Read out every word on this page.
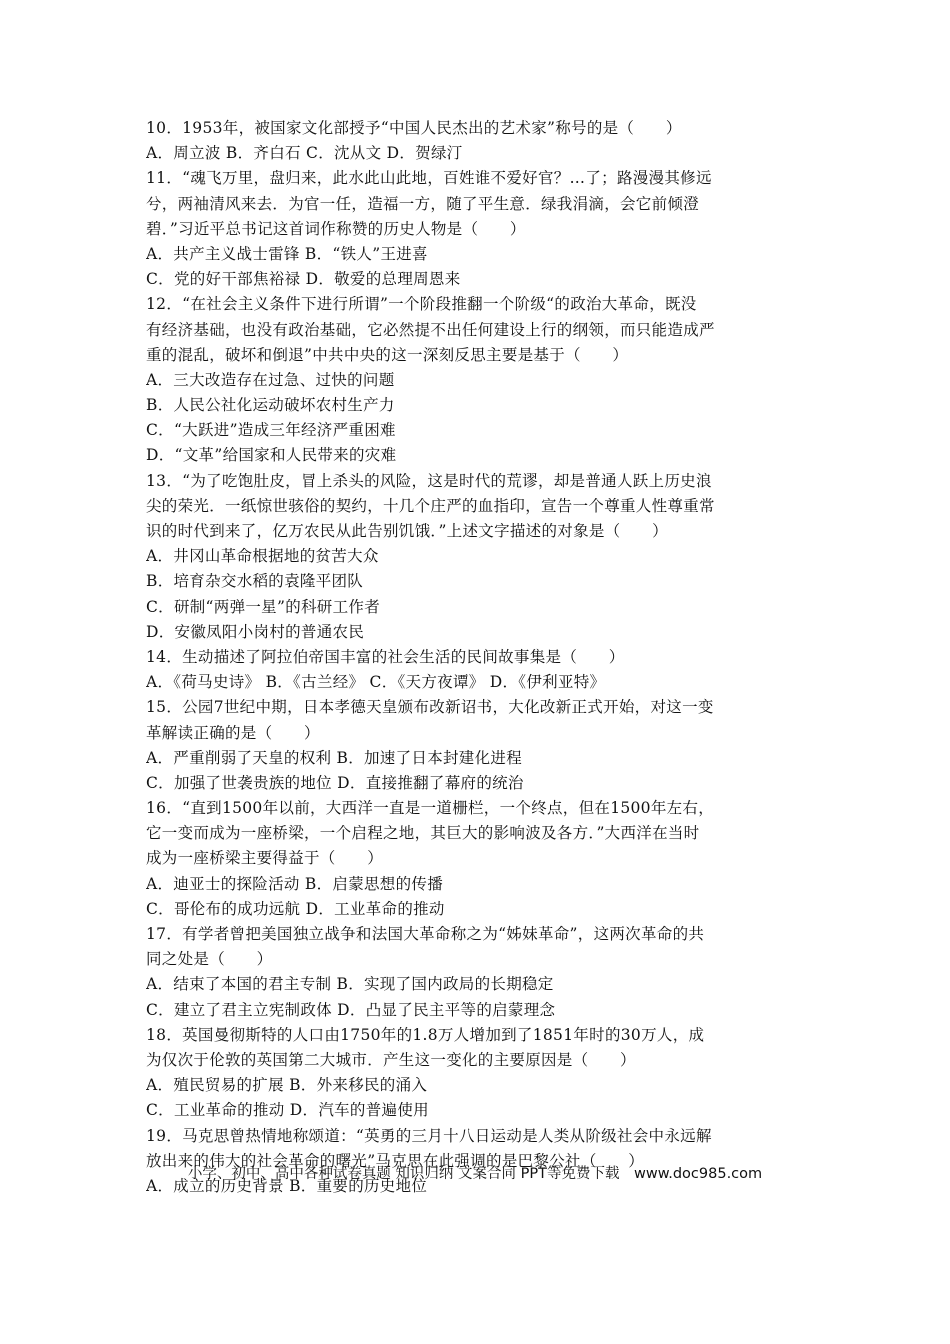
10．1953年，被国家文化部授予“中国人民杰出的艺术家”称号的是（　　）
A．周立波 B．齐白石 C．沈从文 D．贺绿汀
11．“魂飞万里，盘归来，此水此山此地，百姓谁不爱好官？…了；路漫漫其修远
兮，两袖清风来去．为官一任，造福一方，随了平生意．绿我涓滴，会它前倾澄
碧．”习近平总书记这首词作称赞的历史人物是（　　）
A．共产主义战士雷锋 B．“铁人”王进喜
C．党的好干部焦裕禄 D．敬爱的总理周恩来
12．“在社会主义条件下进行所谓”一个阶段推翻一个阶级“的政治大革命，既没
有经济基础，也没有政治基础，它必然提不出任何建设上行的纲领，而只能造成严
重的混乱，破坏和倒退”中共中央的这一深刻反思主要是基于（　　）
A．三大改造存在过急、过快的问题
B．人民公社化运动破坏农村生产力
C．“大跃进”造成三年经济严重困难
D．“文革”给国家和人民带来的灾难
13．“为了吃饱肚皮，冒上杀头的风险，这是时代的荒谬，却是普通人跃上历史浪
尖的荣光．一纸惊世骇俗的契约，十几个庄严的血指印，宣告一个尊重人性尊重常
识的时代到来了，亿万农民从此告别饥饿．”上述文字描述的对象是（　　）
A．井冈山革命根据地的贫苦大众
B．培育杂交水稻的袁隆平团队
C．研制“两弹一星”的科研工作者
D．安徽凤阳小岗村的普通农民
14．生动描述了阿拉伯帝国丰富的社会生活的民间故事集是（　　）
A．《荷马史诗》 B．《古兰经》 C．《天方夜谭》 D．《伊利亚特》
15．公园7世纪中期，日本孝德天皇颁布改新诏书，大化改新正式开始，对这一变
革解读正确的是（　　）
A．严重削弱了天皇的权利 B．加速了日本封建化进程
C．加强了世袭贵族的地位 D．直接推翻了幕府的统治
16．“直到1500年以前，大西洋一直是一道栅栏，一个终点，但在1500年左右，
它一变而成为一座桥梁，一个启程之地，其巨大的影响波及各方．”大西洋在当时
成为一座桥梁主要得益于（　　）
A．迪亚士的探险活动 B．启蒙思想的传播
C．哥伦布的成功远航 D．工业革命的推动
17．有学者曾把美国独立战争和法国大革命称之为“姊妹革命”，这两次革命的共
同之处是（　　）
A．结束了本国的君主专制 B．实现了国内政局的长期稳定
C．建立了君主立宪制政体 D．凸显了民主平等的启蒙理念
18．英国曼彻斯特的人口由1750年的1.8万人增加到了1851年时的30万人，成
为仅次于伦敦的英国第二大城市．产生这一变化的主要原因是（　　）
A．殖民贸易的扩展 B．外来移民的涌入
C．工业革命的推动 D．汽车的普遍使用
19．马克思曾热情地称颂道：“英勇的三月十八日运动是人类从阶级社会中永远解
放出来的伟大的社会革命的曙光”马克思在此强调的是巴黎公社（　　）
A．成立的历史背景 B．重要的历史地位
小学、初中、高中各种试卷真题 知识归纳 文案合同 PPT等免费下载　www.doc985.com
